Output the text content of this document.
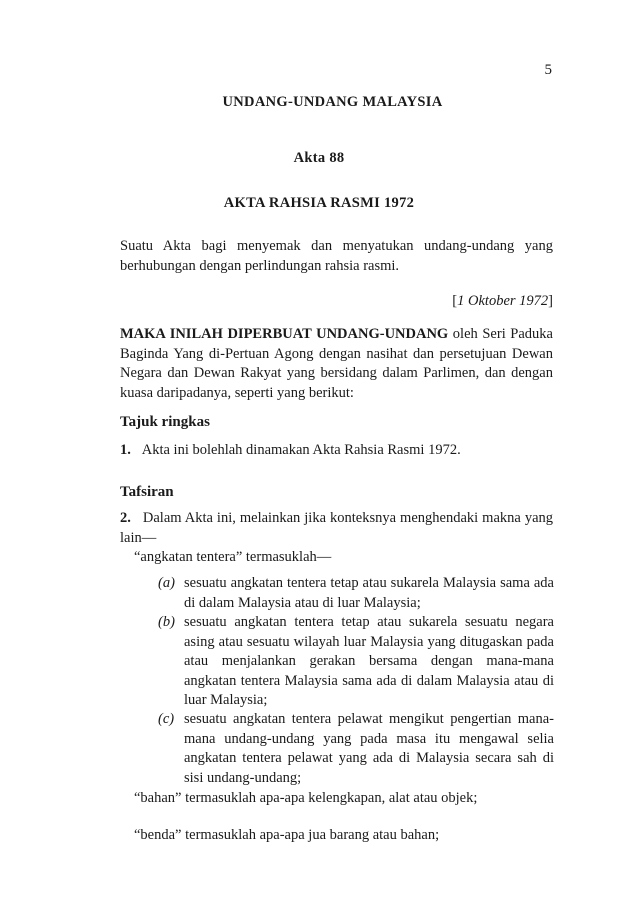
5
UNDANG-UNDANG MALAYSIA
Akta 88
AKTA RAHSIA RASMI 1972

Suatu Akta bagi menyemak dan menyatukan undang-undang yang berhubungan dengan perlindungan rahsia rasmi.

[1 Oktober 1972]

MAKA INILAH DIPERBUAT UNDANG-UNDANG oleh Seri Paduka Baginda Yang di-Pertuan Agong dengan nasihat dan persetujuan Dewan Negara dan Dewan Rakyat yang bersidang dalam Parlimen, dan dengan kuasa daripadanya, seperti yang berikut:

Tajuk ringkas

1. Akta ini bolehlah dinamakan Akta Rahsia Rasmi 1972.

Tafsiran

2. Dalam Akta ini, melainkan jika konteksnya menghendaki makna yang lain—

“angkatan tentera” termasuklah—

(a) sesuatu angkatan tentera tetap atau sukarela Malaysia sama ada di dalam Malaysia atau di luar Malaysia;
(b) sesuatu angkatan tentera tetap atau sukarela sesuatu negara asing atau sesuatu wilayah luar Malaysia yang ditugaskan pada atau menjalankan gerakan bersama dengan mana-mana angkatan tentera Malaysia sama ada di dalam Malaysia atau di luar Malaysia;
(c) sesuatu angkatan tentera pelawat mengikut pengertian mana-mana undang-undang yang pada masa itu mengawal selia angkatan tentera pelawat yang ada di Malaysia secara sah di sisi undang-undang;

“bahan” termasuklah apa-apa kelengkapan, alat atau objek;

“benda” termasuklah apa-apa jua barang atau bahan;
